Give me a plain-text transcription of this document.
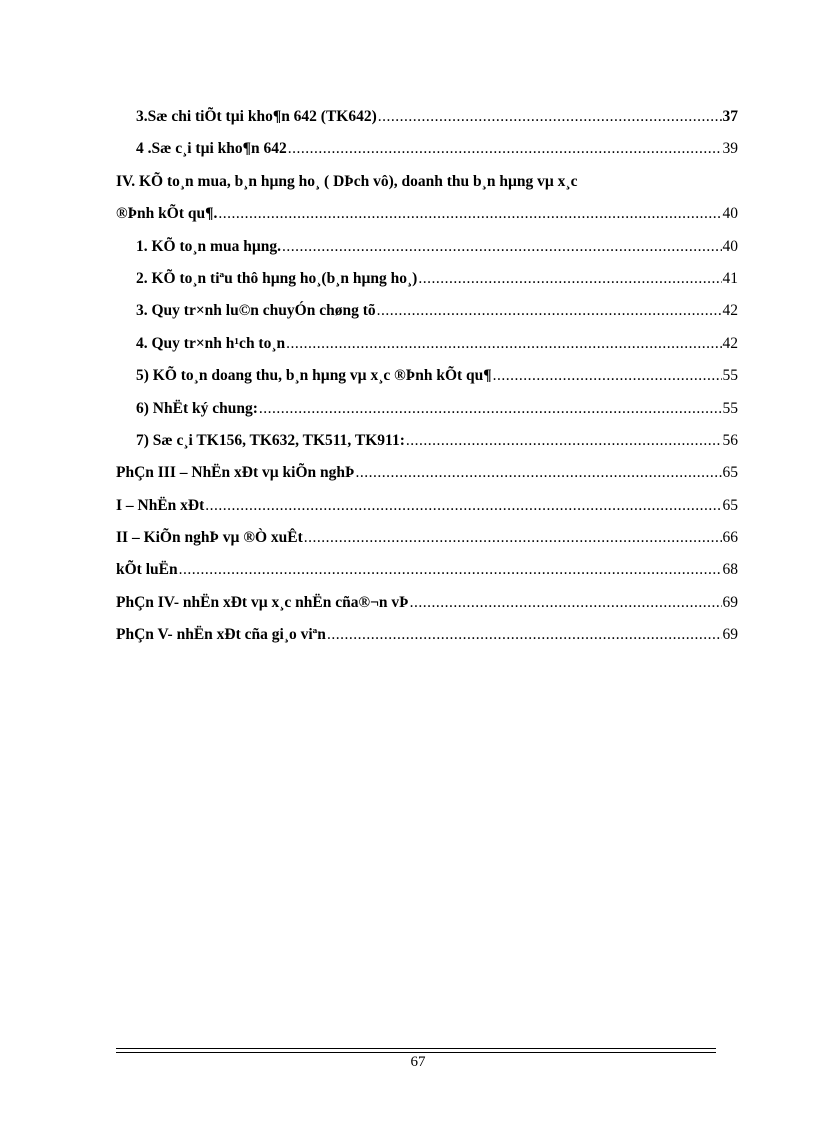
3.Sæ chi tiÕt tµi kho¶n 642 (TK642) .....	37
4 .Sæ c¸i tµi kho¶n 642 .....	39
IV. KÕ to¸n mua, b¸n hµng ho¸ ( DÞch vô), doanh thu b¸n hµng vµ x¸c
®Þnh kÕt qu¶. .....	40
1. KÕ to¸n mua hµng. .....	40
2. KÕ to¸n tiªu thô hµng ho¸(b¸n hµng ho¸) .....	41
3. Quy tr×nh lu©n chuyÓn chøng tõ .....	42
4. Quy tr×nh h¹ch to¸n .....	42
5) KÕ to¸n doang thu, b¸n hµng vµ x¸c ®Þnh kÕt qu¶ .....	55
6) NhËt ký chung: .....	55
7) Sæ c¸i TK156, TK632, TK511, TK911: .....	56
PhÇn III – NhËn xÐt vµ kiÕn nghÞ .....	65
I – NhËn xÐt .....	65
II – KiÕn nghÞ vµ ®Ò xuÊt .....	66
kÕt luËn .....	68
PhÇn IV- nhËn xÐt vµ x¸c nhËn cña®¬n vÞ .....	69
PhÇn V- nhËn xÐt cña gi¸o viªn .....	69
67
